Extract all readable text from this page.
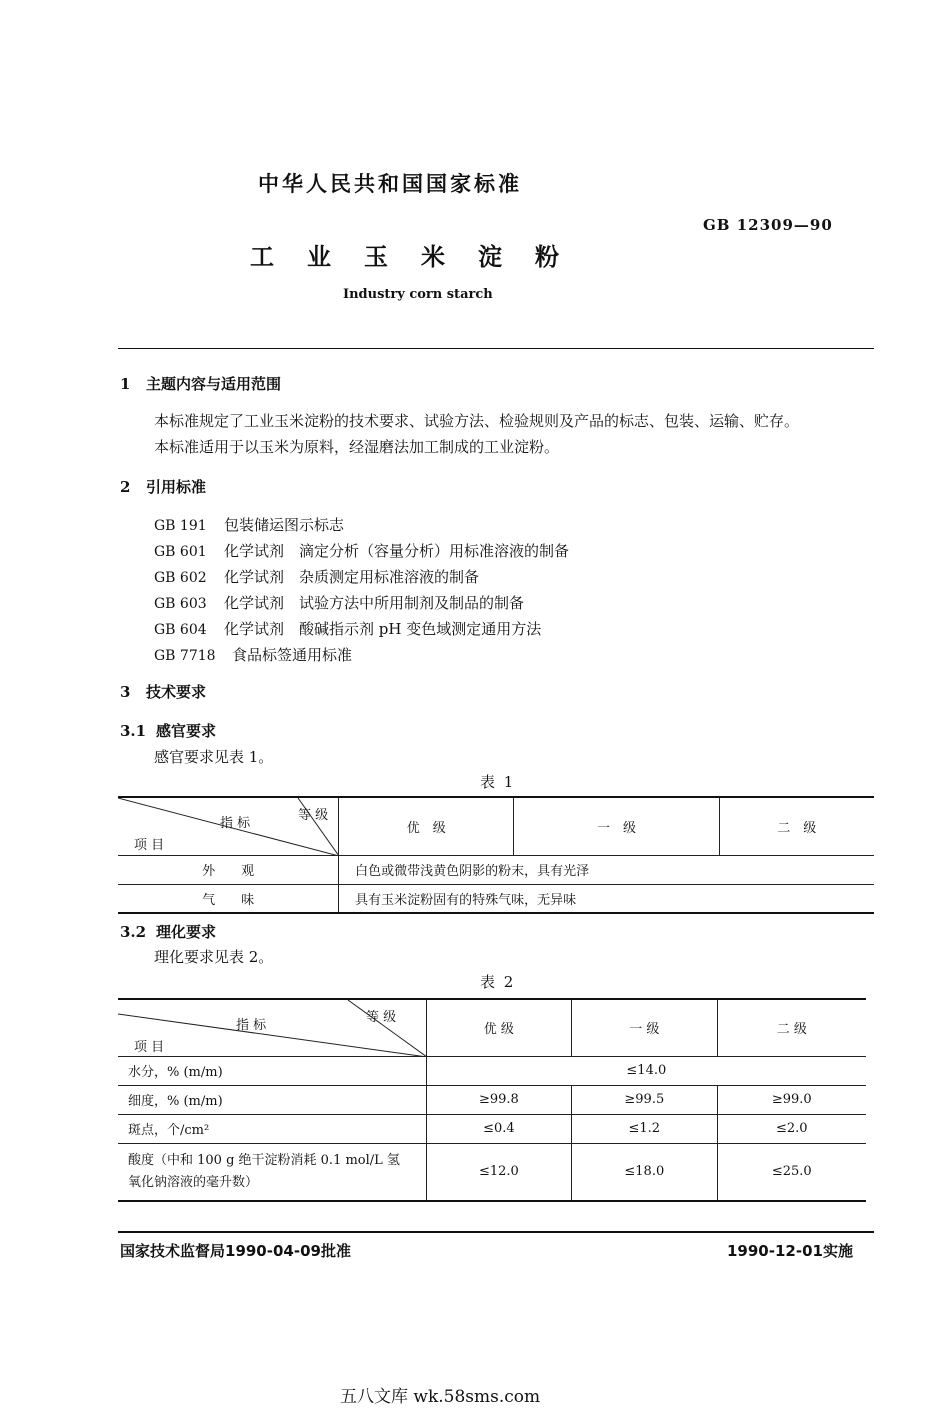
中华人民共和国国家标准
GB 12309—90
工业玉米淀粉
Industry corn starch
1 主题内容与适用范围
本标准规定了工业玉米淀粉的技术要求、试验方法、检验规则及产品的标志、包装、运输、贮存。
本标准适用于以玉米为原料，经湿磨法加工制成的工业淀粉。
2 引用标准
GB 191 包装储运图示标志
GB 601 化学试剂　滴定分析（容量分析）用标准溶液的制备
GB 602 化学试剂　杂质测定用标准溶液的制备
GB 603 化学试剂　试验方法中所用制剂及制品的制备
GB 604 化学试剂　酸碱指示剂 pH 变色域测定通用方法
GB 7718 食品标签通用标准
3 技术要求
3.1 感官要求
感官要求见表 1。
表 1
等 级
指 标
项 目	优　级	一　级	二　级
外　　观	白色或微带浅黄色阴影的粉末，具有光泽		
气　　味	具有玉米淀粉固有的特殊气味，无异味		
3.2 理化要求
理化要求见表 2。
表 2
等 级
指 标
项 目	优 级	一 级	二 级
水分，% (m/m)	≤14.0		
细度，% (m/m)	≥99.8	≥99.5	≥99.0
斑点，个/cm²	≤0.4	≤1.2	≤2.0

酸度（中和 100 g 绝干淀粉消耗 0.1 mol/L 氢
氧化钠溶液的毫升数）	≤12.0	≤18.0	≤25.0
国家技术监督局1990-04-09批准	1990-12-01实施
五八文库 wk.58sms.com
